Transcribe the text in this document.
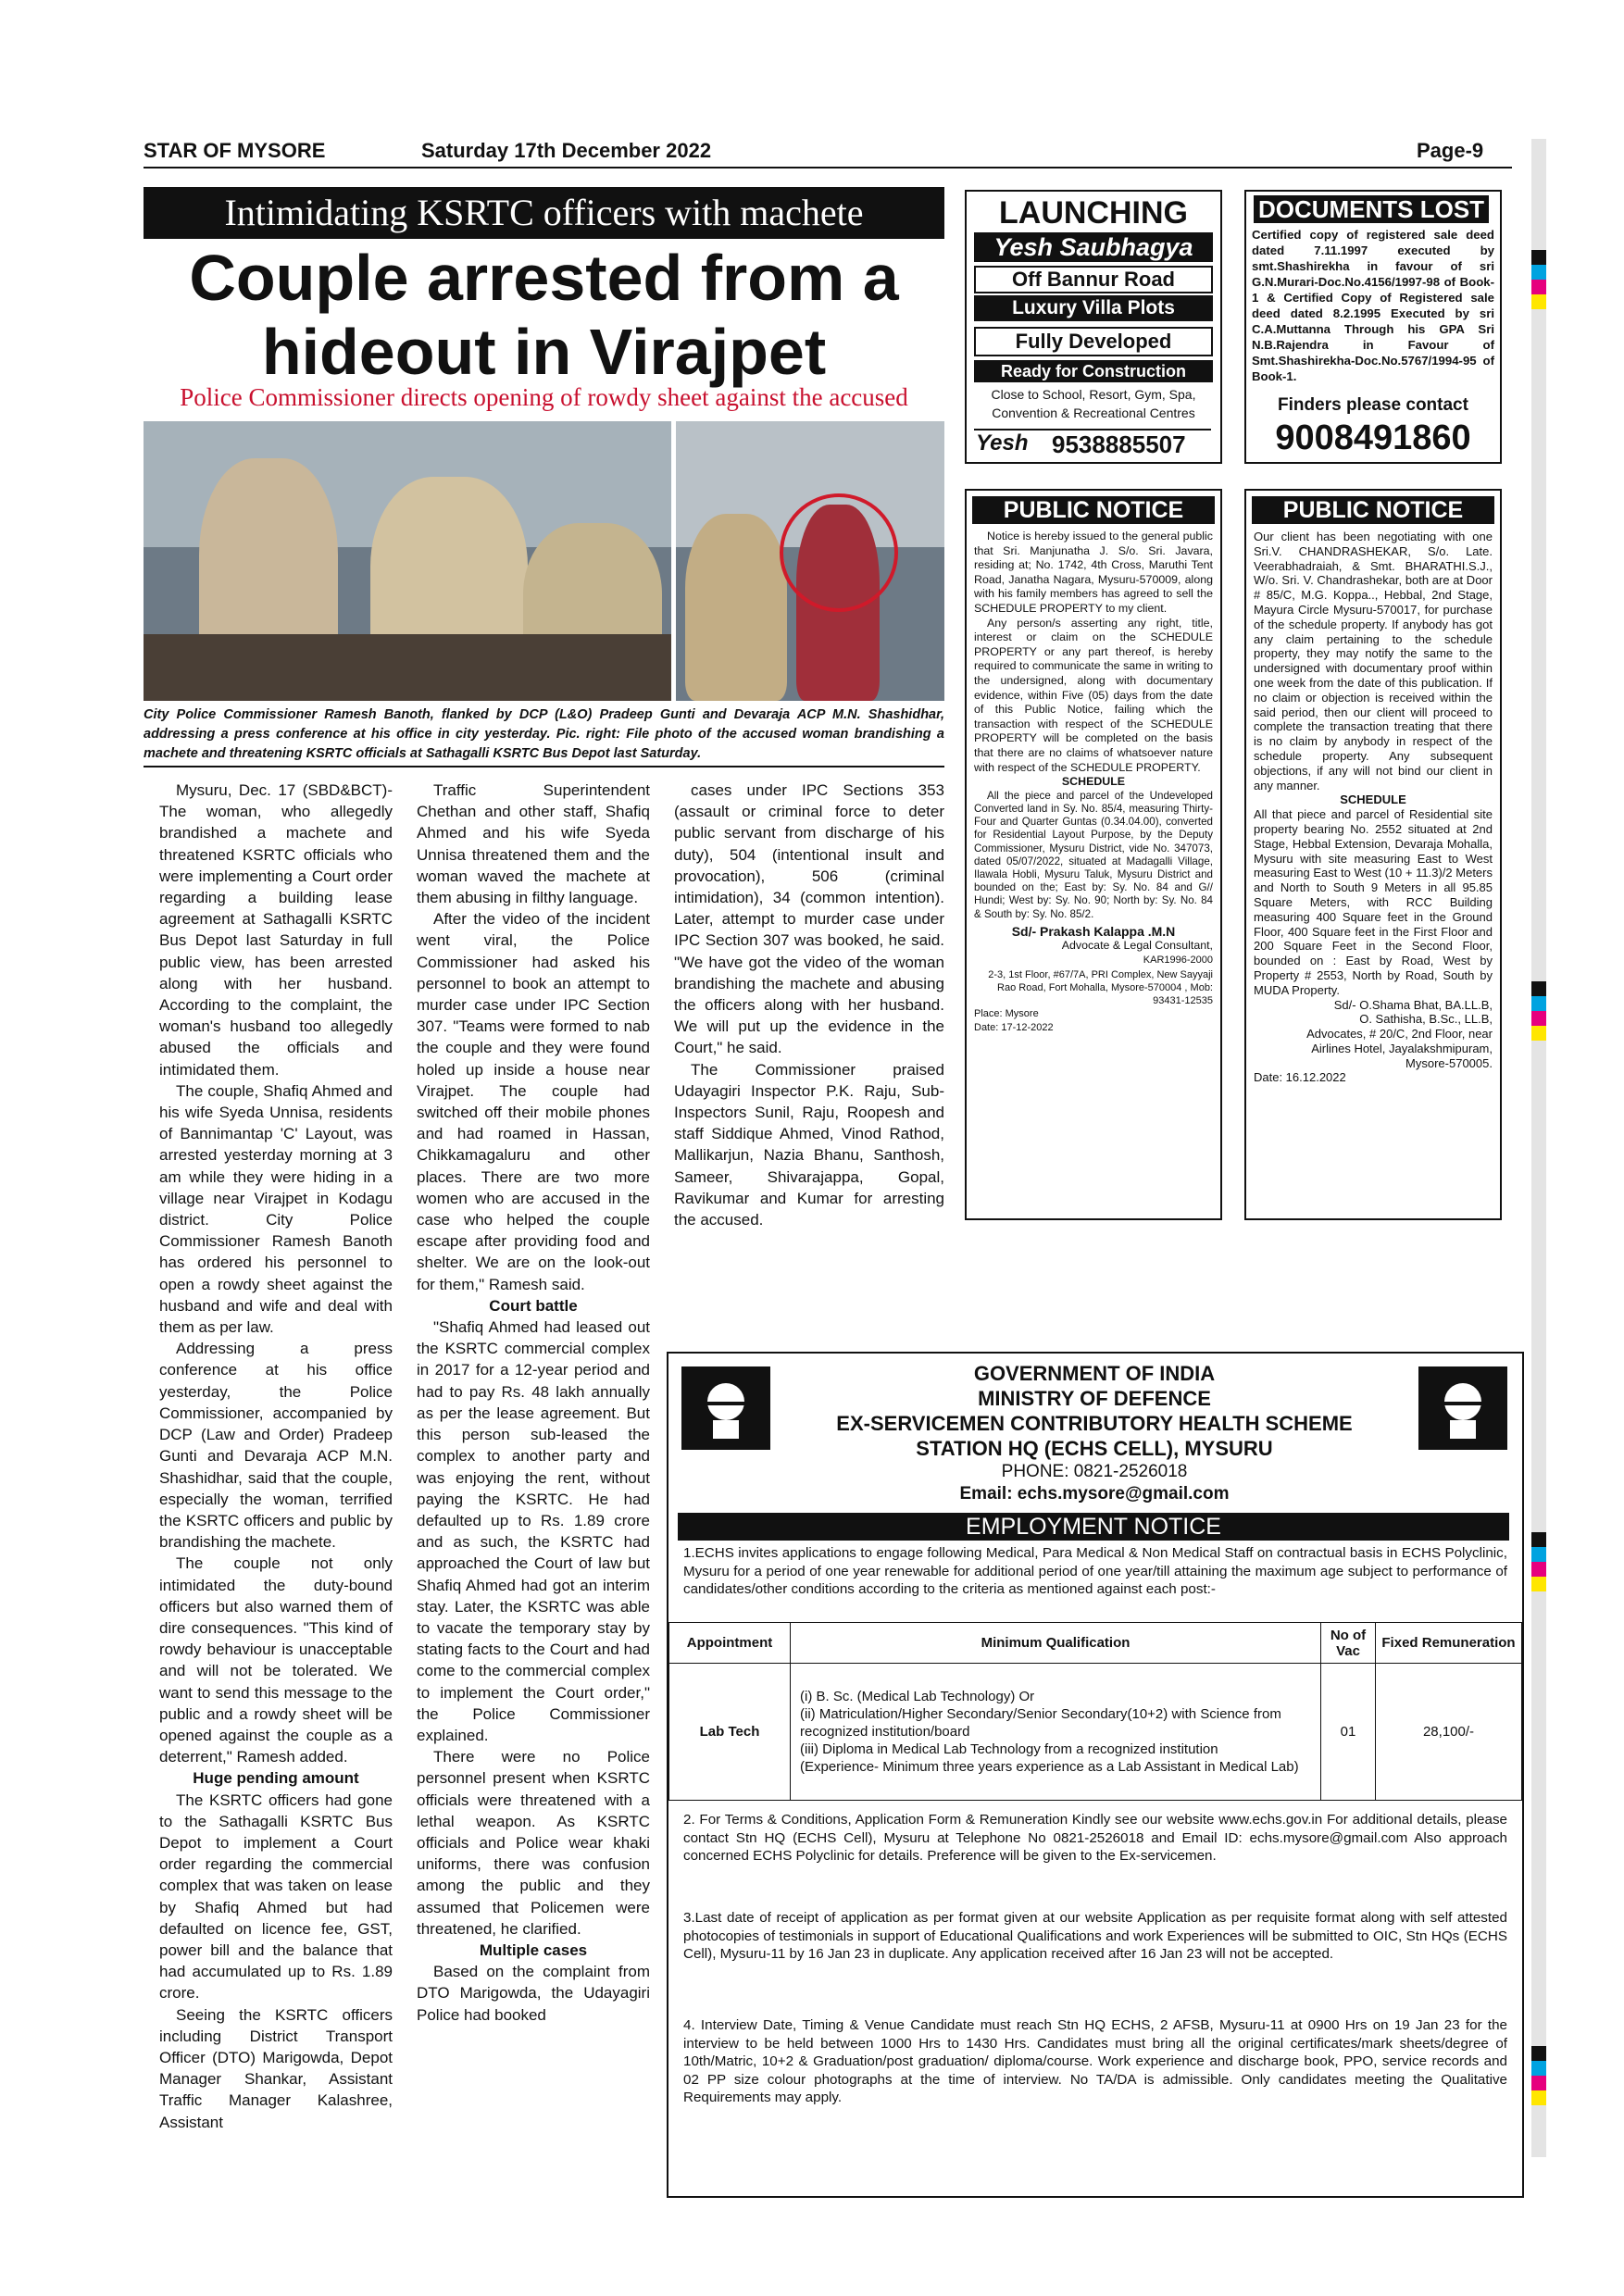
STAR OF MYSORE	Saturday 17th December 2022	Page-9
Intimidating KSRTC officers with machete
Couple arrested from a hideout in Virajpet
Police Commissioner directs opening of rowdy sheet against the accused
City Police Commissioner Ramesh Banoth, flanked by DCP (L&O) Pradeep Gunti and Devaraja ACP M.N. Shashidhar, addressing a press conference at his office in city yesterday. Pic. right: File photo of the accused woman brandishing a machete and threatening KSRTC officials at Sathagalli KSRTC Bus Depot last Saturday.

Mysuru, Dec. 17 (SBD&BCT)- The woman, who allegedly brandished a machete and threatened KSRTC officials who were implementing a Court order regarding a building lease agreement at Sathagalli KSRTC Bus Depot last Saturday in full public view, has been arrested along with her husband. According to the complaint, the woman's husband too allegedly abused the officials and intimidated them.

The couple, Shafiq Ahmed and his wife Syeda Unnisa, residents of Bannimantap 'C' Layout, was arrested yesterday morning at 3 am while they were hiding in a village near Virajpet in Kodagu district. City Police Commissioner Ramesh Banoth has ordered his personnel to open a rowdy sheet against the husband and wife and deal with them as per law.

Addressing a press conference at his office yesterday, the Police Commissioner, accompanied by DCP (Law and Order) Pradeep Gunti and Devaraja ACP M.N. Shashidhar, said that the couple, especially the woman, terrified the KSRTC officers and public by brandishing the machete.

The couple not only intimidated the duty-bound officers but also warned them of dire consequences. "This kind of rowdy behaviour is unacceptable and will not be tolerated. We want to send this message to the public and a rowdy sheet will be opened against the couple as a deterrent," Ramesh added.

Huge pending amount

The KSRTC officers had gone to the Sathagalli KSRTC Bus Depot to implement a Court order regarding the commercial complex that was taken on lease by Shafiq Ahmed but had defaulted on licence fee, GST, power bill and the balance that had accumulated up to Rs. 1.89 crore.

Seeing the KSRTC officers including District Transport Officer (DTO) Marigowda, Depot Manager Shankar, Assistant Traffic Manager Kalashree, Assistant

Traffic Superintendent Chethan and other staff, Shafiq Ahmed and his wife Syeda Unnisa threatened them and the woman waved the machete at them abusing in filthy language.

After the video of the incident went viral, the Police Commissioner had asked his personnel to book an attempt to murder case under IPC Section 307. "Teams were formed to nab the couple and they were found holed up inside a house near Virajpet. The couple had switched off their mobile phones and had roamed in Hassan, Chikkamagaluru and other places. There are two more women who are accused in the case who helped the couple escape after providing food and shelter. We are on the look-out for them," Ramesh said.

Court battle

"Shafiq Ahmed had leased out the KSRTC commercial complex in 2017 for a 12-year period and had to pay Rs. 48 lakh annually as per the lease agreement. But this person sub-leased the complex to another party and was enjoying the rent, without paying the KSRTC. He had defaulted up to Rs. 1.89 crore and as such, the KSRTC had approached the Court of law but Shafiq Ahmed had got an interim stay. Later, the KSRTC was able to vacate the temporary stay by stating facts to the Court and had come to the commercial complex to implement the Court order," the Police Commissioner explained.

There were no Police personnel present when KSRTC officials were threatened with a lethal weapon. As KSRTC officials and Police wear khaki uniforms, there was confusion among the public and they assumed that Policemen were threatened, he clarified.

Multiple cases

Based on the complaint from DTO Marigowda, the Udayagiri Police had booked

cases under IPC Sections 353 (assault or criminal force to deter public servant from discharge of his duty), 504 (intentional insult and provocation), 506 (criminal intimidation), 34 (common intention). Later, attempt to murder case under IPC Section 307 was booked, he said. "We have got the video of the woman brandishing the machete and abusing the officers along with her husband. We will put up the evidence in the Court," he said.

The Commissioner praised Udayagiri Inspector P.K. Raju, Sub-Inspectors Sunil, Raju, Roopesh and staff Siddique Ahmed, Vinod Rathod, Mallikarjun, Nazia Bhanu, Santhosh, Sameer, Shivarajappa, Gopal, Ravikumar and Kumar for arresting the accused.

LAUNCHING
Yesh Saubhagya
Off Bannur Road
Luxury Villa Plots
Fully Developed
Ready for Construction
Close to School, Resort, Gym, Spa,
Convention & Recreational Centres
Yesh 9538885507
DOCUMENTS LOST
Certified copy of registered sale deed dated 7.11.1997 executed by smt.Shashirekha in favour of sri G.N.Murari-Doc.No.4156/1997-98 of Book-1 & Certified Copy of Registered sale deed dated 8.2.1995 Executed by sri C.A.Muttanna Through his GPA Sri N.B.Rajendra in Favour of Smt.Shashirekha-Doc.No.5767/1994-95 of Book-1.
Finders please contact
9008491860
PUBLIC NOTICE

Notice is hereby issued to the general public that Sri. Manjunatha J. S/o. Sri. Javara, residing at; No. 1742, 4th Cross, Maruthi Tent Road, Janatha Nagara, Mysuru-570009, along with his family members has agreed to sell the SCHEDULE PROPERTY to my client.

Any person/s asserting any right, title, interest or claim on the SCHEDULE PROPERTY or any part thereof, is hereby required to communicate the same in writing to the undersigned, along with documentary evidence, within Five (05) days from the date of this Public Notice, failing which the transaction with respect of the SCHEDULE PROPERTY will be completed on the basis that there are no claims of whatsoever nature with respect of the SCHEDULE PROPERTY.

SCHEDULE

All the piece and parcel of the Undeveloped Converted land in Sy. No. 85/4, measuring Thirty-Four and Quarter Guntas (0.34.04.00), converted for Residential Layout Purpose, by the Deputy Commissioner, Mysuru District, vide No. 347073, dated 05/07/2022, situated at Madagalli Village, Ilawala Hobli, Mysuru Taluk, Mysuru District and bounded on the; East by: Sy. No. 84 and G// Hundi; West by: Sy. No. 90; North by: Sy. No. 84 & South by: Sy. No. 85/2.

Sd/- Prakash Kalappa .M.N

Advocate & Legal Consultant,

KAR1996-2000

2-3, 1st Floor, #67/7A, PRI Complex, New Sayyaji Rao Road, Fort Mohalla, Mysore-570004 , Mob: 93431-12535

Place: Mysore

Date: 17-12-2022

PUBLIC NOTICE

Our client has been negotiating with one Sri.V. CHANDRASHEKAR, S/o. Late. Veerabhadraiah, & Smt. BHARATHI.S.J., W/o. Sri. V. Chandrashekar, both are at Door # 85/C, M.G. Koppa.., Hebbal, 2nd Stage, Mayura Circle Mysuru-570017, for purchase of the schedule property. If anybody has got any claim pertaining to the schedule property, they may notify the same to the undersigned with documentary proof within one week from the date of this publication. If no claim or objection is received within the said period, then our client will proceed to complete the transaction treating that there is no claim by anybody in respect of the schedule property. Any subsequent objections, if any will not bind our client in any manner.

SCHEDULE

All that piece and parcel of Residential site property bearing No. 2552 situated at 2nd Stage, Hebbal Extension, Devaraja Mohalla, Mysuru with site measuring East to West measuring East to West (10 + 11.3)/2 Meters and North to South 9 Meters in all 95.85 Square Meters, with RCC Building measuring 400 Square feet in the Ground Floor, 400 Square feet in the First Floor and 200 Square Feet in the Second Floor, bounded on : East by Road, West by Property # 2553, North by Road, South by MUDA Property.

Sd/- O.Shama Bhat, BA.LL.B,

O. Sathisha, B.Sc., LL.B,

Advocates, # 20/C, 2nd Floor, near

Airlines Hotel, Jayalakshmipuram,

Mysore-570005.

Date: 16.12.2022

GOVERNMENT OF INDIA
MINISTRY OF DEFENCE
EX-SERVICEMEN CONTRIBUTORY HEALTH SCHEME
STATION HQ (ECHS CELL), MYSURU
PHONE: 0821-2526018
Email: echs.mysore@gmail.com
EMPLOYMENT NOTICE
1.ECHS invites applications to engage following Medical, Para Medical & Non Medical Staff on contractual basis in ECHS Polyclinic, Mysuru for a period of one year renewable for additional period of one year/till attaining the maximum age subject to performance of candidates/other conditions according to the criteria as mentioned against each post:-
Appointment	Minimum Qualification	No of Vac	Fixed Remuneration
Lab Tech	(i) B. Sc. (Medical Lab Technology) Or
(ii) Matriculation/Higher Secondary/Senior Secondary(10+2) with Science from recognized institution/board
(iii) Diploma in Medical Lab Technology from a recognized institution
(Experience- Minimum three years experience as a Lab Assistant in Medical Lab)	01	28,100/-
2. For Terms & Conditions, Application Form & Remuneration Kindly see our website www.echs.gov.in For additional details, please contact Stn HQ (ECHS Cell), Mysuru at Telephone No 0821-2526018 and Email ID: echs.mysore@gmail.com Also approach concerned ECHS Polyclinic for details. Preference will be given to the Ex-servicemen.
3.Last date of receipt of application as per format given at our website Application as per requisite format along with self attested photocopies of testimonials in support of Educational Qualifications and work Experiences will be submitted to OIC, Stn HQs (ECHS Cell), Mysuru-11 by 16 Jan 23 in duplicate. Any application received after 16 Jan 23 will not be accepted.
4. Interview Date, Timing & Venue Candidate must reach Stn HQ ECHS, 2 AFSB, Mysuru-11 at 0900 Hrs on 19 Jan 23 for the interview to be held between 1000 Hrs to 1430 Hrs. Candidates must bring all the original certificates/mark sheets/degree of 10th/Matric, 10+2 & Graduation/post graduation/ diploma/course. Work experience and discharge book, PPO, service records and 02 PP size colour photographs at the time of interview. No TA/DA is admissible. Only candidates meeting the Qualitative Requirements may apply.
